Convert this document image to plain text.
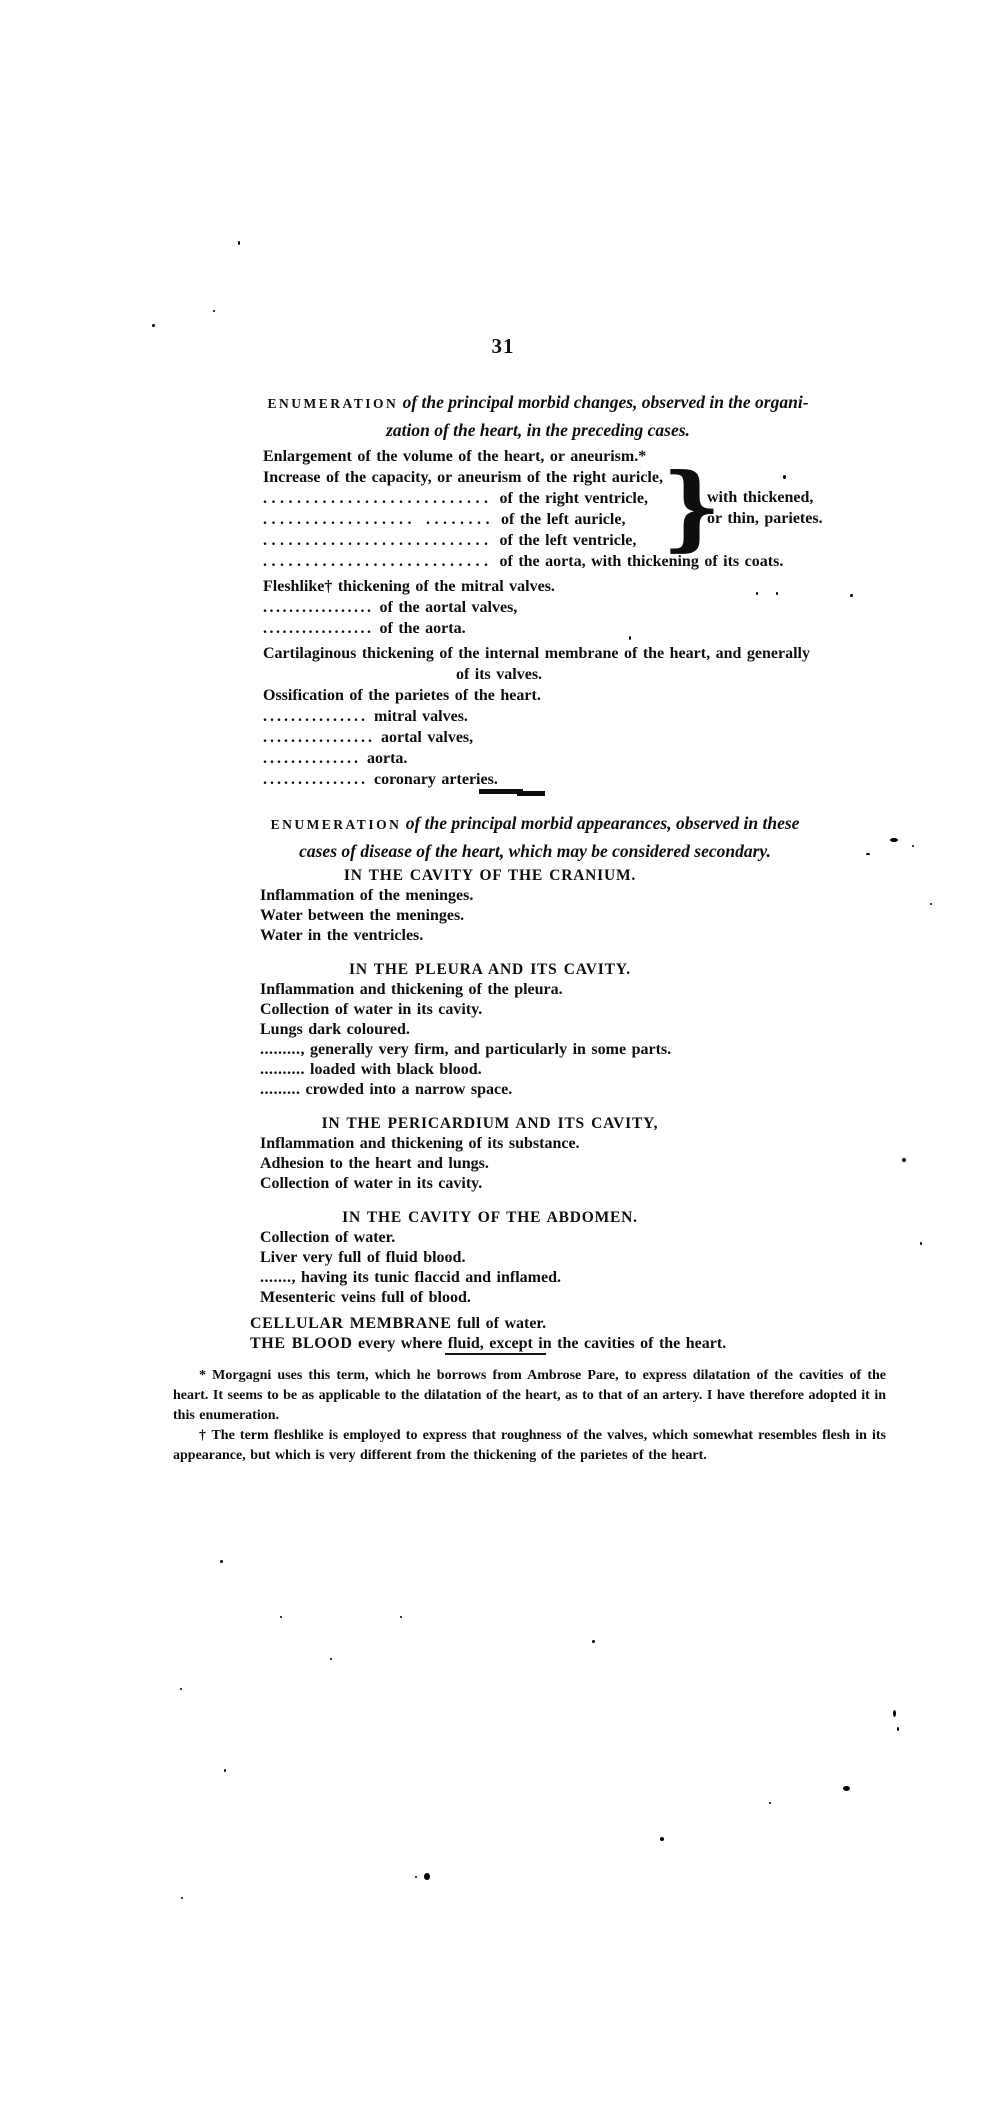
31
ENUMERATION of the principal morbid changes, observed in the organi-
zation of the heart, in the preceding cases.
Enlargement of the volume of the heart, or aneurism.*
Increase of the capacity, or aneurism of the right auricle,
........................... of the right ventricle,
.................. ........ of the left auricle,
........................... of the left ventricle,
........................... of the aorta, with thickening of its coats.
Fleshlike† thickening of the mitral valves.
................. of the aortal valves,
................. of the aorta.
Cartilaginous thickening of the internal membrane of the heart, and generally
of its valves.
Ossification of the parietes of the heart.
............... mitral valves.
................ aortal valves,
.............. aorta.
............... coronary arteries.
}
with thickened,
or thin, parietes.
ENUMERATION of the principal morbid appearances, observed in these
cases of disease of the heart, which may be considered secondary.
IN THE CAVITY OF THE CRANIUM.
Inflammation of the meninges.
Water between the meninges.
Water in the ventricles.
IN THE PLEURA AND ITS CAVITY.
Inflammation and thickening of the pleura.
Collection of water in its cavity.
Lungs dark coloured.
........., generally very firm, and particularly in some parts.
.......... loaded with black blood.
......... crowded into a narrow space.
IN THE PERICARDIUM AND ITS CAVITY,
Inflammation and thickening of its substance.
Adhesion to the heart and lungs.
Collection of water in its cavity.
IN THE CAVITY OF THE ABDOMEN.
Collection of water.
Liver very full of fluid blood.
......., having its tunic flaccid and inflamed.
Mesenteric veins full of blood.
CELLULAR MEMBRANE full of water.
THE BLOOD every where fluid, except in the cavities of the heart.

* Morgagni uses this term, which he borrows from Ambrose Pare, to express dilatation of the cavities of the heart. It seems to be as applicable to the dilatation of the heart, as to that of an artery. I have therefore adopted it in this enumeration.

† The term fleshlike is employed to express that roughness of the valves, which somewhat resembles flesh in its appearance, but which is very different from the thickening of the parietes of the heart.
